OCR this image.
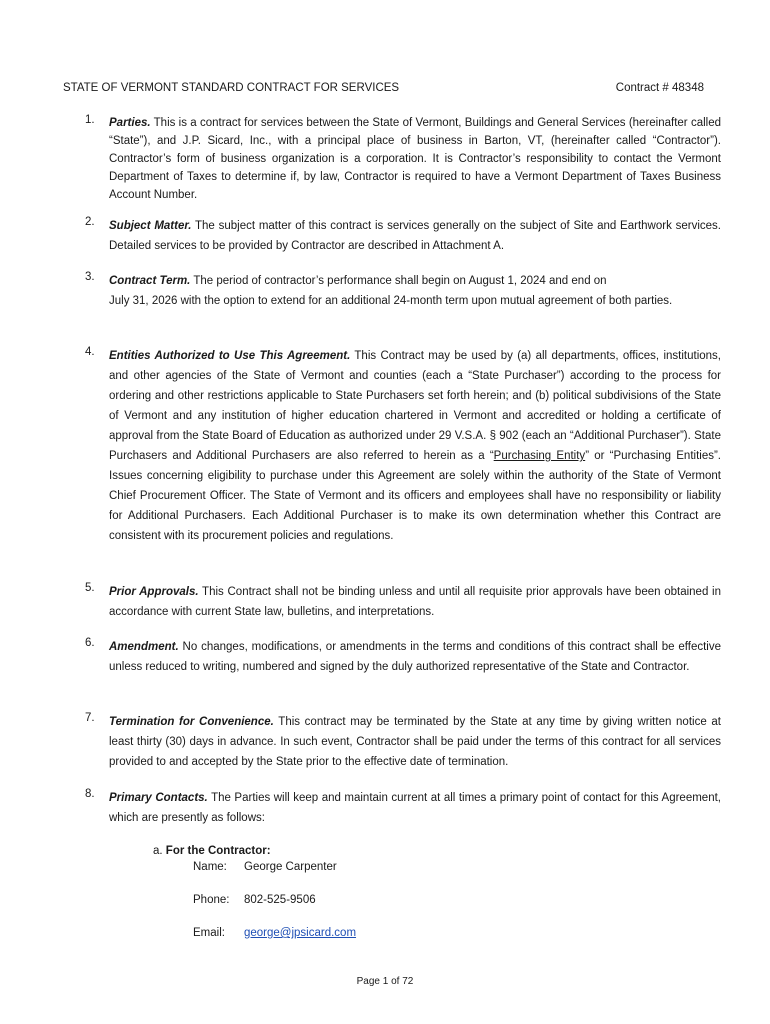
STATE OF VERMONT STANDARD CONTRACT FOR SERVICES	Contract # 48348
1. Parties. This is a contract for services between the State of Vermont, Buildings and General Services (hereinafter called “State”), and J.P. Sicard, Inc., with a principal place of business in Barton, VT, (hereinafter called “Contractor”). Contractor’s form of business organization is a corporation. It is Contractor’s responsibility to contact the Vermont Department of Taxes to determine if, by law, Contractor is required to have a Vermont Department of Taxes Business Account Number.
2. Subject Matter. The subject matter of this contract is services generally on the subject of Site and Earthwork services. Detailed services to be provided by Contractor are described in Attachment A.
3. Contract Term. The period of contractor’s performance shall begin on August 1, 2024 and end on
July 31, 2026 with the option to extend for an additional 24-month term upon mutual agreement of both parties.
4. Entities Authorized to Use This Agreement. This Contract may be used by (a) all departments, offices, institutions, and other agencies of the State of Vermont and counties (each a “State Purchaser”) according to the process for ordering and other restrictions applicable to State Purchasers set forth herein; and (b) political subdivisions of the State of Vermont and any institution of higher education chartered in Vermont and accredited or holding a certificate of approval from the State Board of Education as authorized under 29 V.S.A. § 902 (each an “Additional Purchaser”). State Purchasers and Additional Purchasers are also referred to herein as a “Purchasing Entity” or “Purchasing Entities”. Issues concerning eligibility to purchase under this Agreement are solely within the authority of the State of Vermont Chief Procurement Officer. The State of Vermont and its officers and employees shall have no responsibility or liability for Additional Purchasers. Each Additional Purchaser is to make its own determination whether this Contract are consistent with its procurement policies and regulations.
5. Prior Approvals. This Contract shall not be binding unless and until all requisite prior approvals have been obtained in accordance with current State law, bulletins, and interpretations.
6. Amendment. No changes, modifications, or amendments in the terms and conditions of this contract shall be effective unless reduced to writing, numbered and signed by the duly authorized representative of the State and Contractor.
7. Termination for Convenience. This contract may be terminated by the State at any time by giving written notice at least thirty (30) days in advance. In such event, Contractor shall be paid under the terms of this contract for all services provided to and accepted by the State prior to the effective date of termination.
8. Primary Contacts. The Parties will keep and maintain current at all times a primary point of contact for this Agreement, which are presently as follows:
a. For the Contractor:
Name:	George Carpenter
Phone:	802-525-9506
Email:	george@jpsicard.com
Page 1 of 72
